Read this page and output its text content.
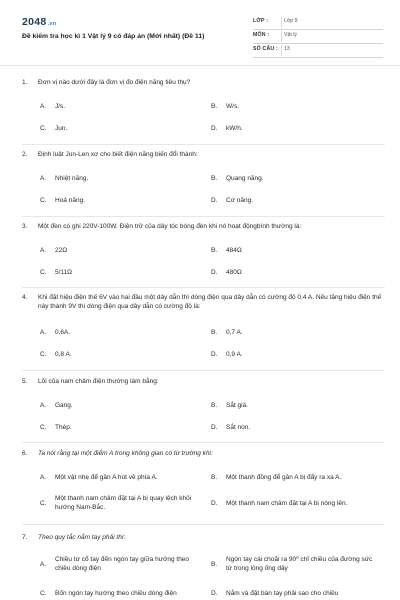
2048.vn
Đề kiểm tra học kì 1 Vật lý 9 có đáp án (Mới nhất) (Đề 11)
LỚP :	Lớp 9
MÔN :	Vật lý
SỐ CÂU : 13
1. Đơn vị nào dưới đây là đơn vị đo điện năng tiêu thụ?
A. J/s.	B. W/s.
C. Jun.	D. kW/h.
2. Định luật Jun-Len xơ cho biết điện năng biến đổi thành:
A. Nhiệt năng.	B. Quang năng.
C. Hoá năng.	D. Cơ năng.
3. Một đèn có ghi 220V-100W. Điện trở của dây tóc bóng đèn khi nó hoạt độngbình thường là:
A. 22Ω	B. 484Ω
C. 5/11Ω	D. 480Ω
4. Khi đặt hiệu điện thế 6V vào hai đầu một dây dẫn thì dòng điện qua dây dẫn có cường độ 0,4 A. Nếu tăng hiệu điện thế này thành 9V thì dòng điện qua dây dẫn có cường độ là:
A. 0,6A.	B. 0,7 A.
C. 0,8 A.	D. 0,9 A.
5. Lõi của nam châm điện thường làm bằng:
A. Gang.	B. Sắt già.
C. Thép.	D. Sắt non.
6. Ta nói rằng tại một điểm A trong không gian có từ trường khi:
A. Một vật nhẹ để gần A hút về phía A.	B. Một thanh đồng để gần A bị đẩy ra xa A.
C.
Một thanh nam châm đặt tại A bị quay lệch khỏi hướng Nam-Bắc.
D. Một thanh nam châm đặt tại A bị nóng lên.
7. Theo quy tắc nắm tay phải thì:
A.
Chiều từ cổ tay đến ngón tay giữa hướng theo chiều dòng điện
B.
Ngón tay cái choãi ra 90⁰ chỉ chiều của đường sức từ trong lòng ống dây
C. Bốn ngón tay hướng theo chiều dòng điện	D. Nắm và đặt bàn tay phải sao cho chiều
